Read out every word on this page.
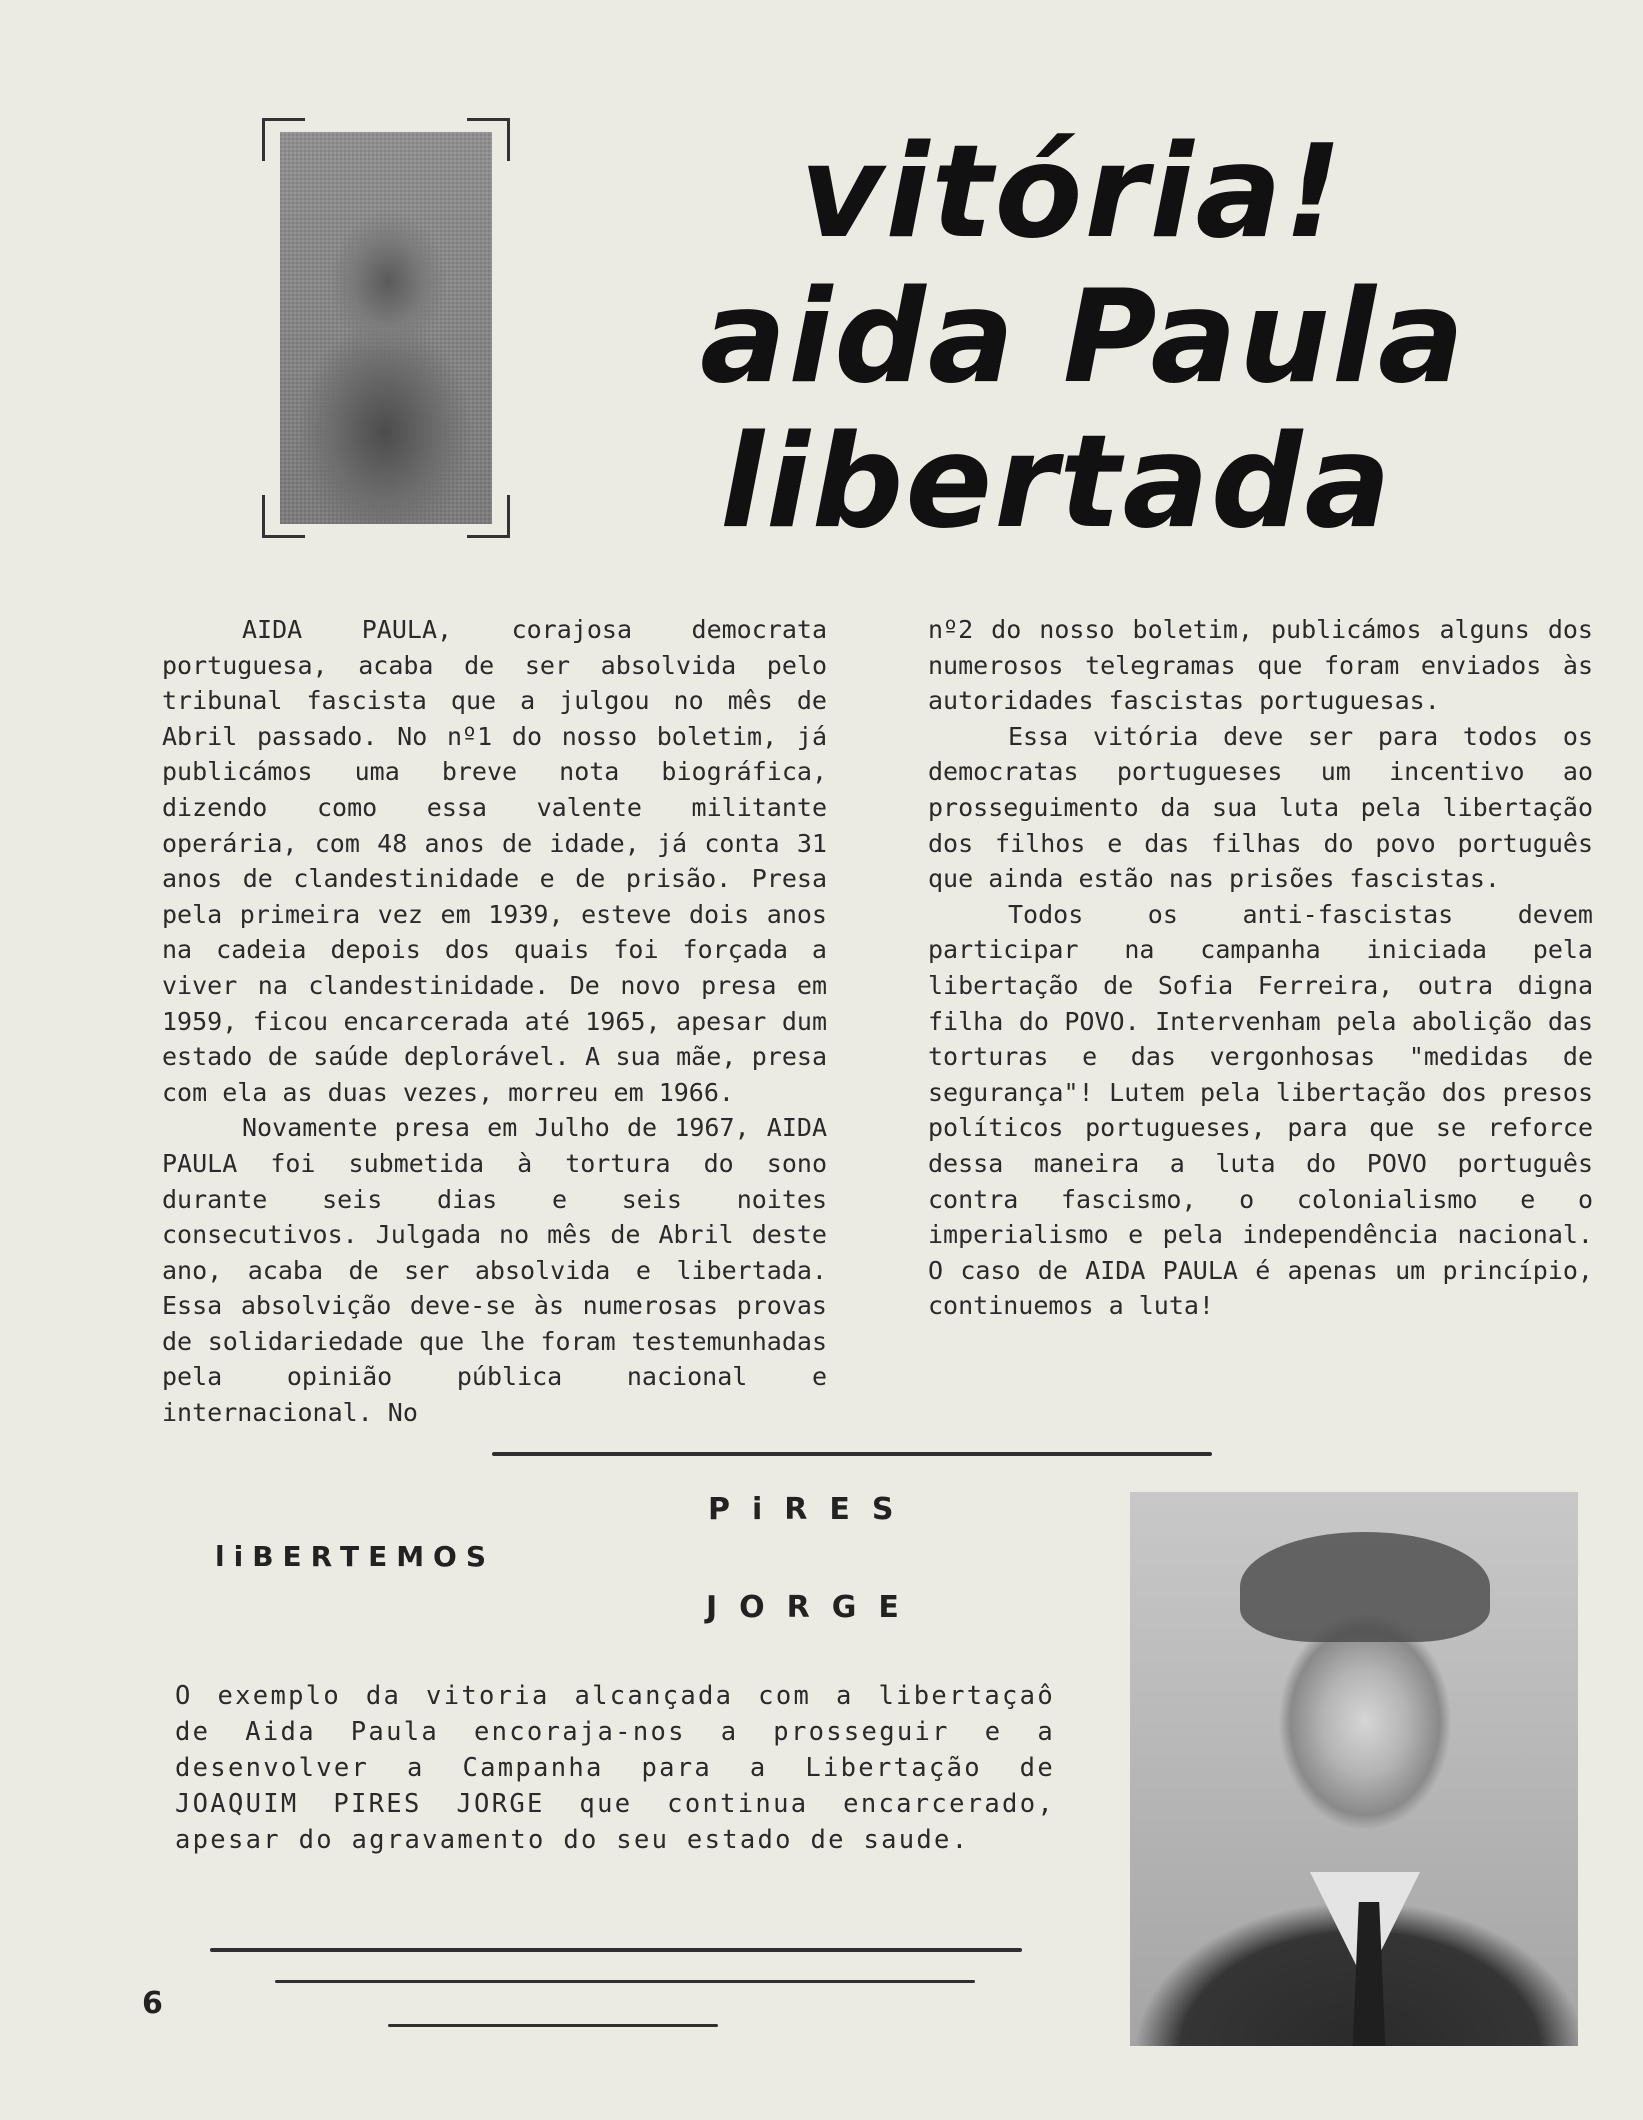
vitória!
aida Paula
libertada

AIDA PAULA, corajosa democrata portuguesa, acaba de ser absolvida pelo tribunal fascista que a julgou no mês de Abril passado. No nº1 do nosso boletim, já publicámos uma breve nota biográfica, dizendo como essa valente militante operária, com 48 anos de idade, já conta 31 anos de clandestinidade e de prisão. Presa pela primeira vez em 1939, esteve dois anos na cadeia depois dos quais foi forçada a viver na clandestinidade. De novo presa em 1959, ficou encarcerada até 1965, apesar dum estado de saúde deplorável. A sua mãe, presa com ela as duas vezes, morreu em 1966.

Novamente presa em Julho de 1967, AIDA PAULA foi submetida à tortura do sono durante seis dias e seis noites consecutivos. Julgada no mês de Abril deste ano, acaba de ser absolvida e libertada. Essa absolvição deve-se às numerosas provas de solidariedade que lhe foram testemunhadas pela opinião pública nacional e internacional. No

nº2 do nosso boletim, publicámos alguns dos numerosos telegramas que foram enviados às autoridades fascistas portuguesas.

Essa vitória deve ser para todos os democratas portugueses um incentivo ao prosseguimento da sua luta pela libertação dos filhos e das filhas do povo português que ainda estão nas prisões fascistas.

Todos os anti-fascistas devem participar na campanha iniciada pela libertação de Sofia Ferreira, outra digna filha do POVO. Intervenham pela abolição das torturas e das vergonhosas "medidas de segurança"! Lutem pela libertação dos presos políticos portugueses, para que se reforce dessa maneira a luta do POVO português contra fascismo, o colonialismo e o imperialismo e pela independência nacional. O caso de AIDA PAULA é apenas um princípio, continuemos a luta!

liBERTEMOS
PiRES
JORGE
O exemplo da vitoria alcançada com a libertaçaô de Aida Paula encoraja-nos a prosseguir e a desenvolver a Campanha para a Libertação de JOAQUIM PIRES JORGE que continua encarcerado, apesar do agravamento do seu estado de saude.
6
